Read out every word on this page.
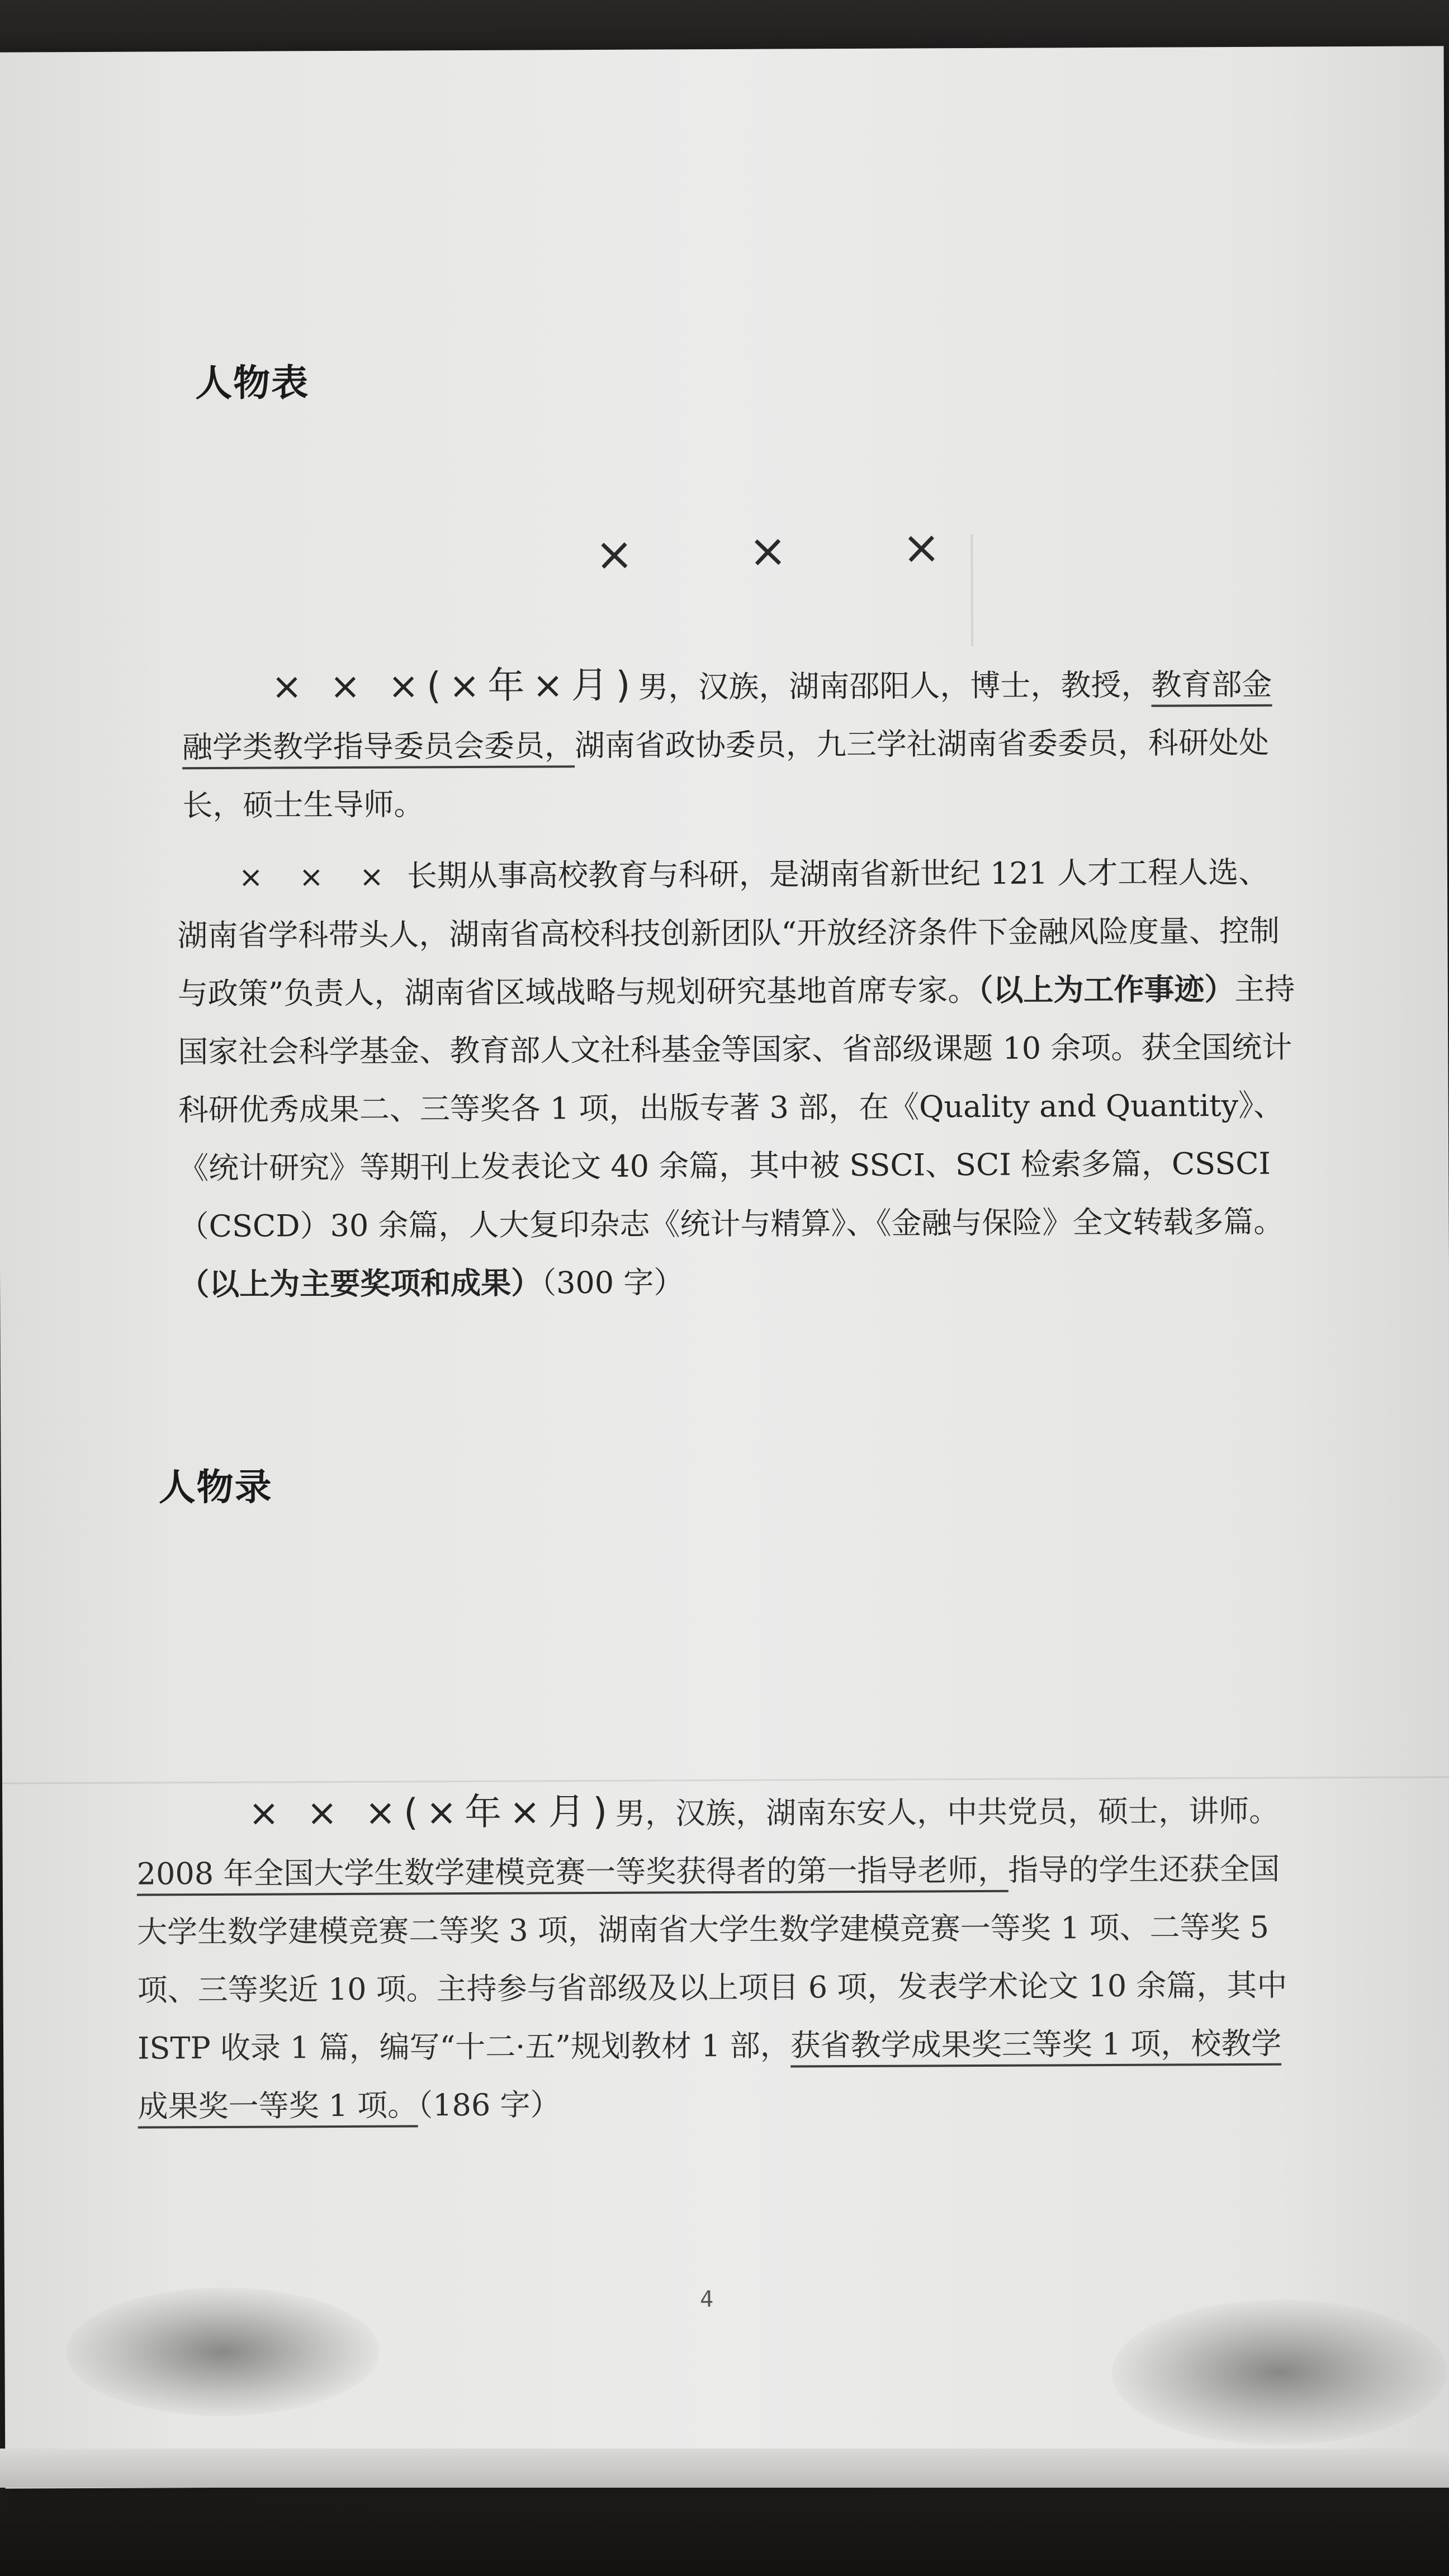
人物表
× × ×

× × ×(×年×月)男，汉族，湖南邵阳人，博士，教授，教育部金融学类教学指导委员会委员，湖南省政协委员，九三学社湖南省委委员，科研处处长，硕士生导师。

× × × 长期从事高校教育与科研，是湖南省新世纪 121 人才工程人选、湖南省学科带头人，湖南省高校科技创新团队“开放经济条件下金融风险度量、控制与政策”负责人，湖南省区域战略与规划研究基地首席专家。（以上为工作事迹）主持国家社会科学基金、教育部人文社科基金等国家、省部级课题 10 余项。获全国统计科研优秀成果二、三等奖各 1 项，出版专著 3 部，在《Quality and Quantity》、《统计研究》等期刊上发表论文 40 余篇，其中被 SSCI、SCI 检索多篇，CSSCI（CSCD）30 余篇，人大复印杂志《统计与精算》、《金融与保险》全文转载多篇。（以上为主要奖项和成果）（300 字）

人物录

× × ×(×年×月)男，汉族，湖南东安人，中共党员，硕士，讲师。2008 年全国大学生数学建模竞赛一等奖获得者的第一指导老师，指导的学生还获全国大学生数学建模竞赛二等奖 3 项，湖南省大学生数学建模竞赛一等奖 1 项、二等奖 5 项、三等奖近 10 项。主持参与省部级及以上项目 6 项，发表学术论文 10 余篇，其中 ISTP 收录 1 篇，编写“十二·五”规划教材 1 部，获省教学成果奖三等奖 1 项，校教学成果奖一等奖 1 项。（186 字）

4
